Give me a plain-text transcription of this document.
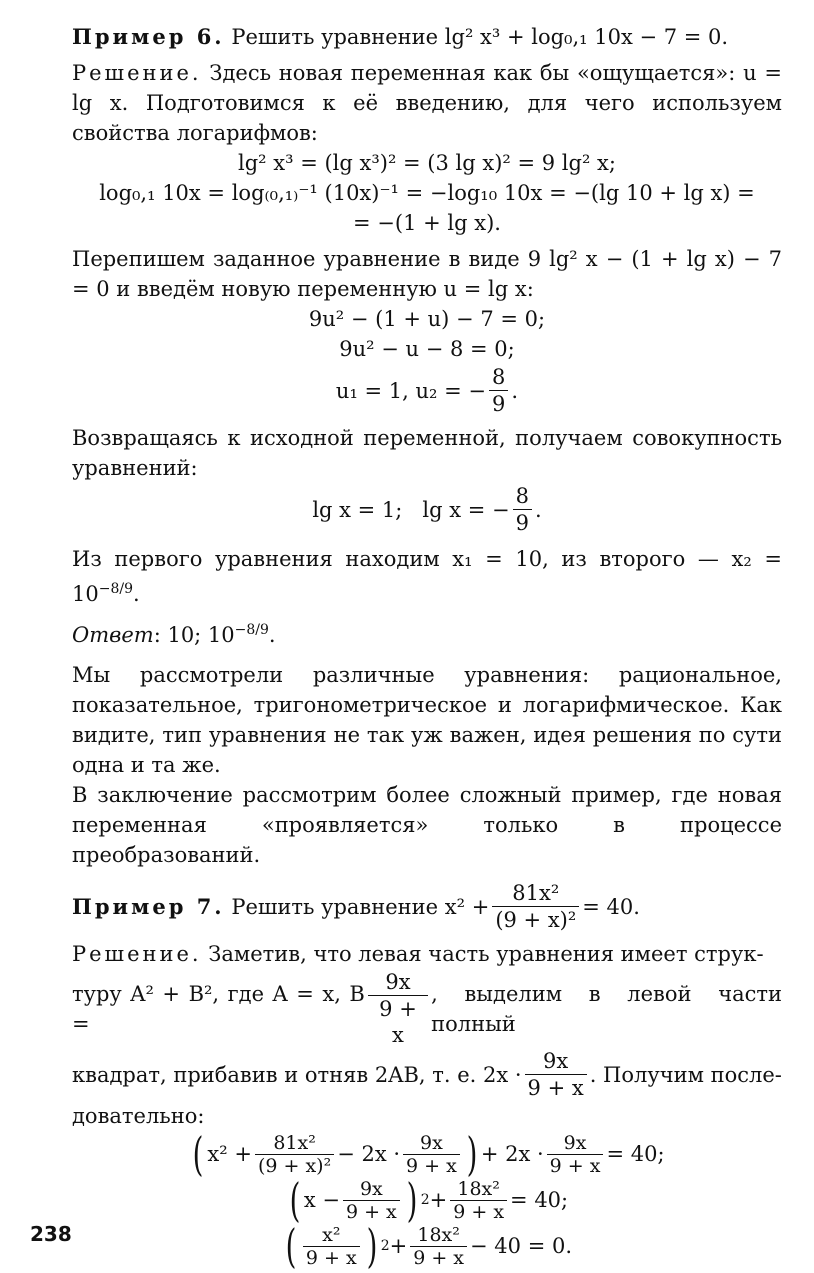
Пример 6. Решить уравнение lg² x³ + log₀,₁ 10x − 7 = 0.

Решение. Здесь новая переменная как бы «ощущается»: u = lg x. Подготовимся к её введению, для чего используем свойства логарифмов:

lg² x³ = (lg x³)² = (3 lg x)² = 9 lg² x;

log₀,₁ 10x = log₍₀,₁₎⁻¹ (10x)⁻¹ = −log₁₀ 10x = −(lg 10 + lg x) =

= −(1 + lg x).

Перепишем заданное уравнение в виде 9 lg² x − (1 + lg x) − 7 = 0 и введём новую переменную u = lg x:

9u² − (1 + u) − 7 = 0;

9u² − u − 8 = 0;

u₁ = 1, u₂ = − $\frac{8}{9}$ .

Возвращаясь к исходной переменной, получаем совокупность уравнений:

lg x = 1;   lg x = − $\frac{8}{9}$ .

Из первого уравнения находим x₁ = 10, из второго — $x_2 = 10^{-8/9}$.

Ответ: 10; $10^{-8/9}$.

Мы рассмотрели различные уравнения: рациональное, показательное, тригонометрическое и логарифмическое. Как видите, тип уравнения не так уж важен, идея решения по сути одна и та же.

В заключение рассмотрим более сложный пример, где новая переменная «проявляется» только в процессе преобразований.

Пример 7.
Решить уравнение $x^2 + \frac{\text{81x²}}{\text{(9 + x)²}} = 40$.

Решение. Заметив, что левая часть уравнения имеет струк-

туру A² + B², где A = x, B =	$\frac{9x}{9 + x}$ , выделим в левой части полный

квадрат, прибавив и отняв 2AB, т. е. $2x \cdot \frac{9x}{9 + x}$ . Получим после-

довательно:

( $x^2 + \frac{\text{81x²}}{\text{(9 + x)²}} - 2x \cdot \frac{9x}{9 + x}$ ) + $2x \cdot \frac{9x}{9 + x} = 40$;
( $x - \frac{9x}{9 + x}$ ) $2 + \frac{\text{18x²}}{9 + x} = 40$;
( $\frac{\text{x²}}{9 + x}$ ) $2 + \frac{\text{18x²}}{9 + x} - 40 = 0$.
238
